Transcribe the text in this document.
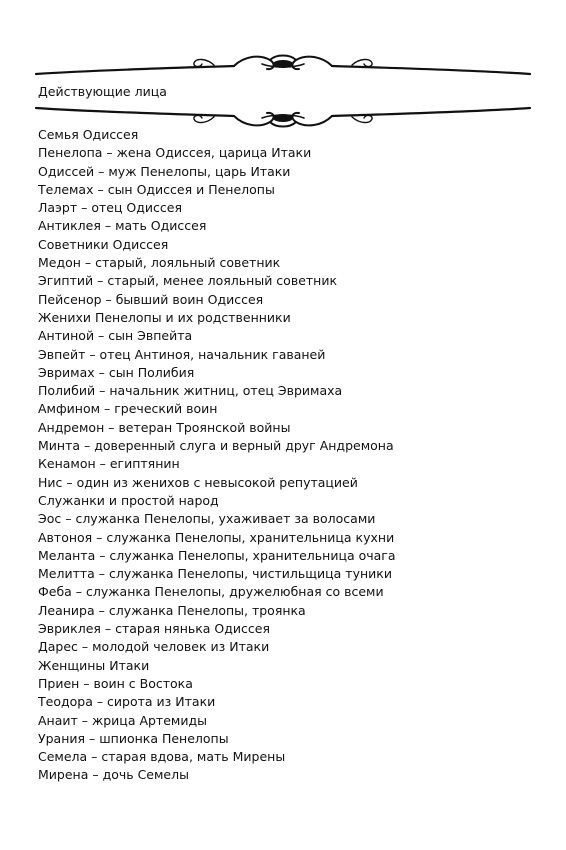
Действующие лица
Семья Одиссея
Пенелопа – жена Одиссея, царица Итаки
Одиссей – муж Пенелопы, царь Итаки
Телемах – сын Одиссея и Пенелопы
Лаэрт – отец Одиссея
Антиклея – мать Одиссея
Советники Одиссея
Медон – старый, лояльный советник
Эгиптий – старый, менее лояльный советник
Пейсенор – бывший воин Одиссея
Женихи Пенелопы и их родственники
Антиной – сын Эвпейта
Эвпейт – отец Антиноя, начальник гаваней
Эвримах – сын Полибия
Полибий – начальник житниц, отец Эвримаха
Амфином – греческий воин
Андремон – ветеран Троянской войны
Минта – доверенный слуга и верный друг Андремона
Кенамон – египтянин
Нис – один из женихов с невысокой репутацией
Служанки и простой народ
Эос – служанка Пенелопы, ухаживает за волосами
Автоноя – служанка Пенелопы, хранительница кухни
Меланта – служанка Пенелопы, хранительница очага
Мелитта – служанка Пенелопы, чистильщица туники
Феба – служанка Пенелопы, дружелюбная со всеми
Леанира – служанка Пенелопы, троянка
Эвриклея – старая нянька Одиссея
Дарес – молодой человек из Итаки
Женщины Итаки
Приен – воин с Востока
Теодора – сирота из Итаки
Анаит – жрица Артемиды
Урания – шпионка Пенелопы
Семела – старая вдова, мать Мирены
Мирена – дочь Семелы
